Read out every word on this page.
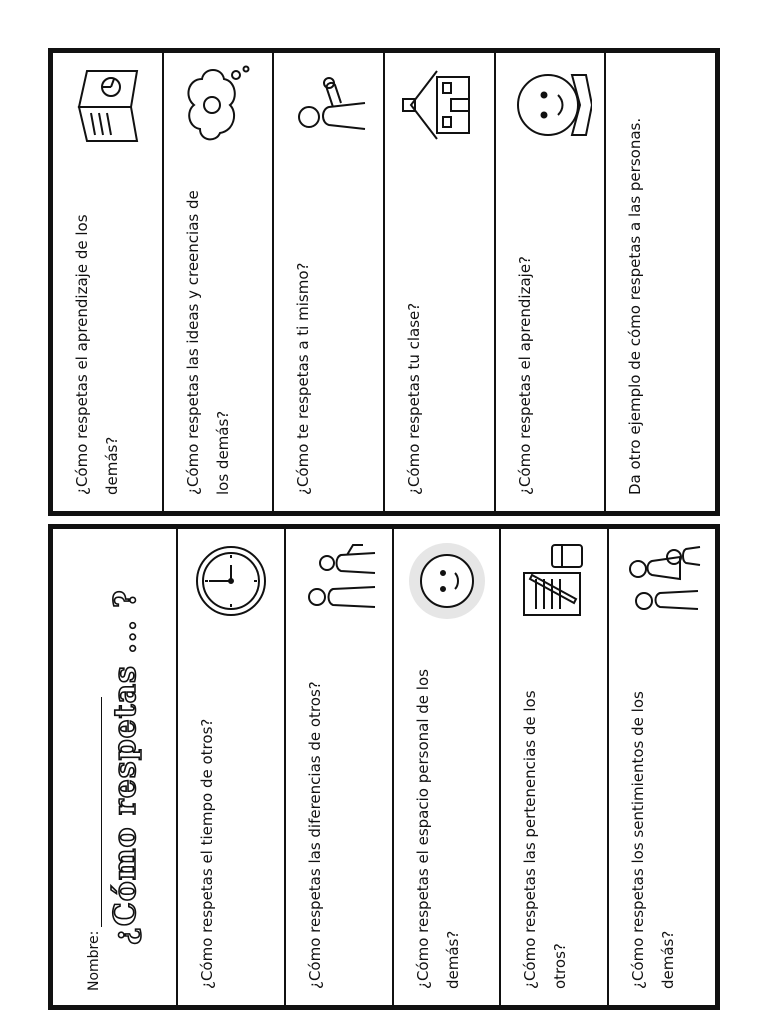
¿Cómo respetas el aprendizaje de los demás?	¿Cómo respetas las ideas y creencias de los demás?	¿Cómo te respetas a ti mismo?	¿Cómo respetas tu clase?	¿Cómo respetas el aprendizaje?	Da otro ejemplo de cómo respetas a las personas.
Nombre:
¿Cómo respetas ... ?	¿Cómo respetas el tiempo de otros?	¿Cómo respetas las diferencias de otros?	¿Cómo respetas el espacio personal de los demás?	¿Cómo respetas las pertenencias de los otros?	¿Cómo respetas los sentimientos de los demás?
